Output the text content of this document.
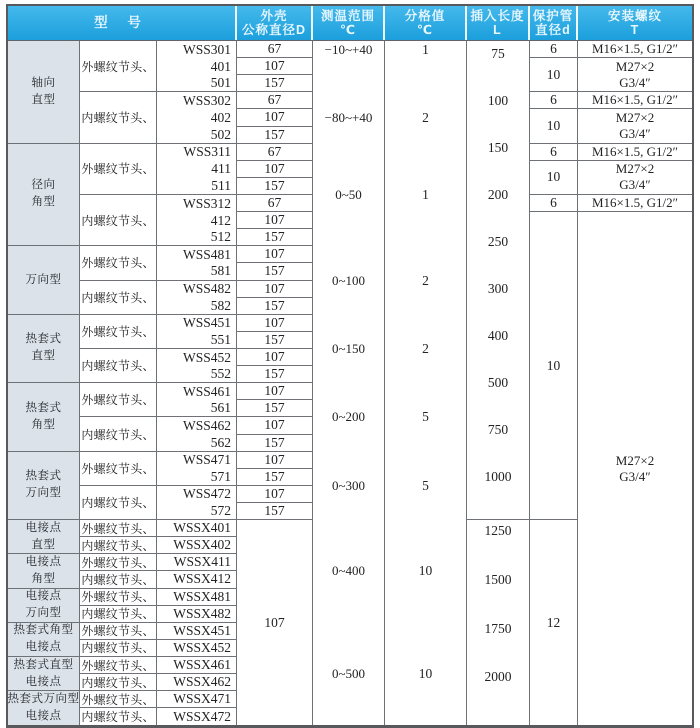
型 号	外壳
公称直径D
测温范围
℃
分格值
℃
插入长度
L
保护管
直径d
安装螺纹
T
轴向
直型
径向
角型
万向型
热套式
直型
热套式
角型
热套式
万向型
电接点
直型
电接点
角型
电接点
万向型
热套式角型
电接点
热套式直型
电接点
热套式万向型
电接点
外螺纹节头、
内螺纹节头、
外螺纹节头、
内螺纹节头、
外螺纹节头、
内螺纹节头、
外螺纹节头、
内螺纹节头、
外螺纹节头、
内螺纹节头、
外螺纹节头、
内螺纹节头、
外螺纹节头、
内螺纹节头、
外螺纹节头、
内螺纹节头、
外螺纹节头、
内螺纹节头、
外螺纹节头、
内螺纹节头、
外螺纹节头、
内螺纹节头、
外螺纹节头、
内螺纹节头、
WSS301
401
501
WSS302
402
502
WSS311
411
511
WSS312
412
512
WSS481
581
WSS482
582
WSS451
551
WSS452
552
WSS461
561
WSS462
562
WSS471
571
WSS472
572
WSSX401
WSSX402
WSSX411
WSSX412
WSSX481
WSSX482
WSSX451
WSSX452
WSSX461
WSSX462
WSSX471
WSSX472
67
107
157
67
107
157
67
107
157
67
107
157
107
157
107
157
107
157
107
157
107
157
107
157
107
157
107
157
107
−10~+40
−80~+40
0~50
0~100
0~150
0~200
0~300
0~400
0~500
1
2
1
2
2
5
5
10
10
75
100
150
200
250
300
400
500
750
1000
1250
1500
1750
2000
6
10
6
10
6
10
6
10
12
M16×1.5, G1/2″
M27×2
G3/4″
M16×1.5, G1/2″
M27×2
G3/4″
M16×1.5, G1/2″
M27×2
G3/4″
M16×1.5, G1/2″
M27×2
G3/4″
